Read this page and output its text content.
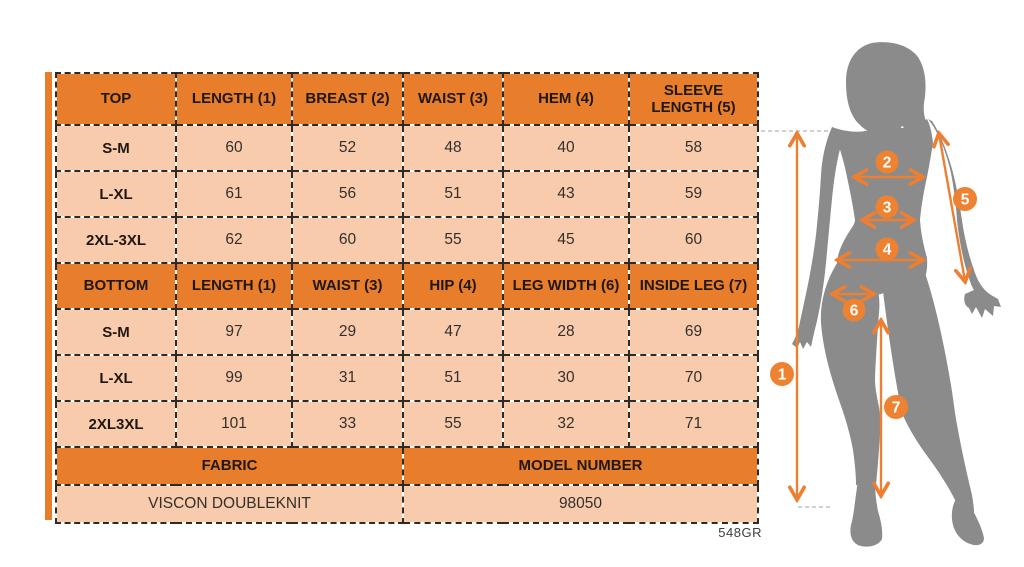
TOP	LENGTH (1)	BREAST (2)	WAIST (3)	HEM (4)	SLEEVE LENGTH (5)
S-M	60	52	48	40	58
L-XL	61	56	51	43	59
2XL-3XL	62	60	55	45	60
BOTTOM	LENGTH (1)	WAIST (3)	HIP (4)	LEG WIDTH (6)	INSIDE LEG (7)
S-M	97	29	47	28	69
L-XL	99	31	51	30	70
2XL3XL	101	33	55	32	71
FABRIC			MODEL NUMBER		
VISCON DOUBLEKNIT			98050		
548GR
1
2
3
4
5
6
7
